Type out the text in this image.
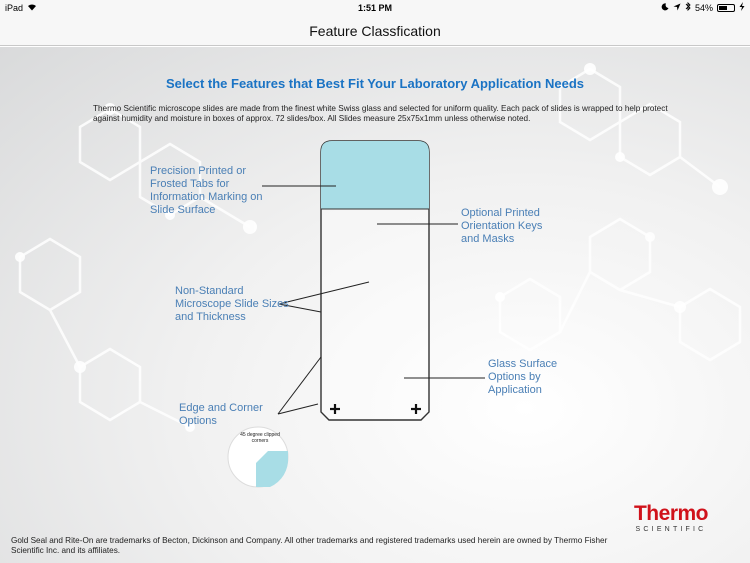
iPad	1:51 PM	54%
Feature Classfication
Select the Features that Best Fit Your Laboratory Application Needs
Thermo Scientific microscope slides are made from the finest white Swiss glass and selected for uniform quality. Each pack of slides is wrapped to help protect against humidity and moisture in boxes of approx. 72 slides/box. All Slides measure 25x75x1mm unless otherwise noted.
45 degree clipped corners
Precision Printed or Frosted Tabs for Information Marking on Slide Surface	Optional Printed Orientation Keys and Masks
Non-Standard Microscope Slide Sizes and Thickness
Glass Surface Options by Application
Edge and Corner Options
Thermo
SCIENTIFIC
Gold Seal and Rite-On are trademarks of Becton, Dickinson and Company. All other trademarks and registered trademarks used herein are owned by Thermo Fisher Scientific Inc. and its affiliates.
